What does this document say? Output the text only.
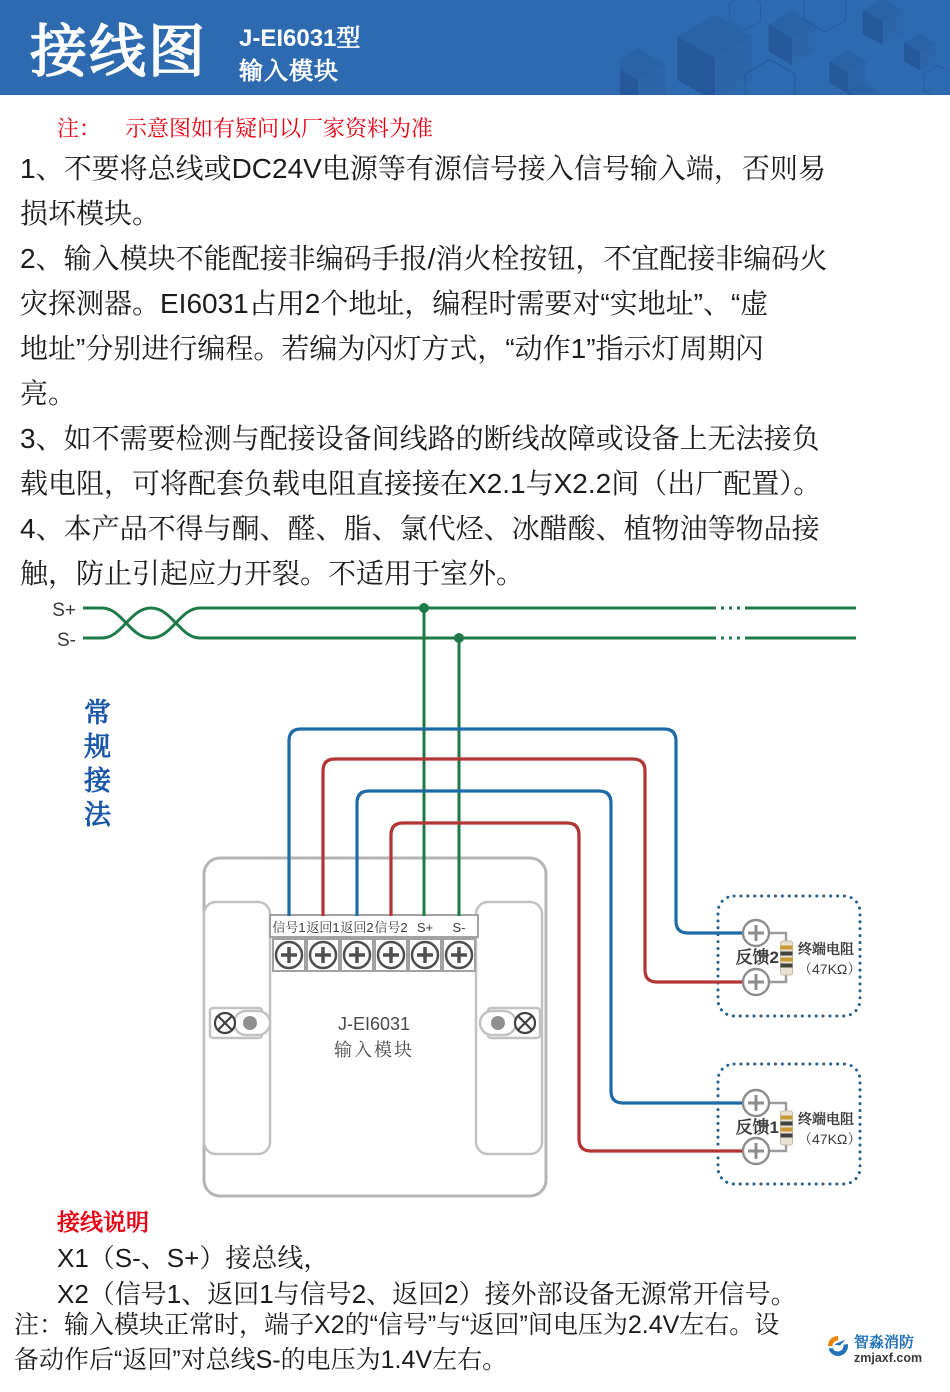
接线图 J-EI6031型
输入模块
注： 示意图如有疑问以厂家资料为准
1、不要将总线或DC24V电源等有源信号接入信号输入端，否则易
损坏模块。
2、输入模块不能配接非编码手报/消火栓按钮，不宜配接非编码火
灾探测器。EI6031占用2个地址，编程时需要对“实地址”、“虚
地址”分别进行编程。若编为闪灯方式，“动作1”指示灯周期闪
亮。
3、如不需要检测与配接设备间线路的断线故障或设备上无法接负
载电阻，可将配套负载电阻直接接在X2.1与X2.2间（出厂配置）。
4、本产品不得与酮、醛、脂、氯代烃、冰醋酸、植物油等物品接
触，防止引起应力开裂。不适用于室外。
常规接法
S+
S-
信号1 返回1 返回2 信号2 S+ S-
J-EI6031
输入模块
反馈2 终端电阻
（47KΩ）
反馈1 终端电阻
（47KΩ）
接线说明
X1（S-、S+）接总线，
X2（信号1、返回1与信号2、返回2）接外部设备无源常开信号。
注：输入模块正常时，端子X2的“信号”与“返回”间电压为2.4V左右。设
备动作后“返回”对总线S-的电压为1.4V左右。
智淼消防
zmjaxf.com
